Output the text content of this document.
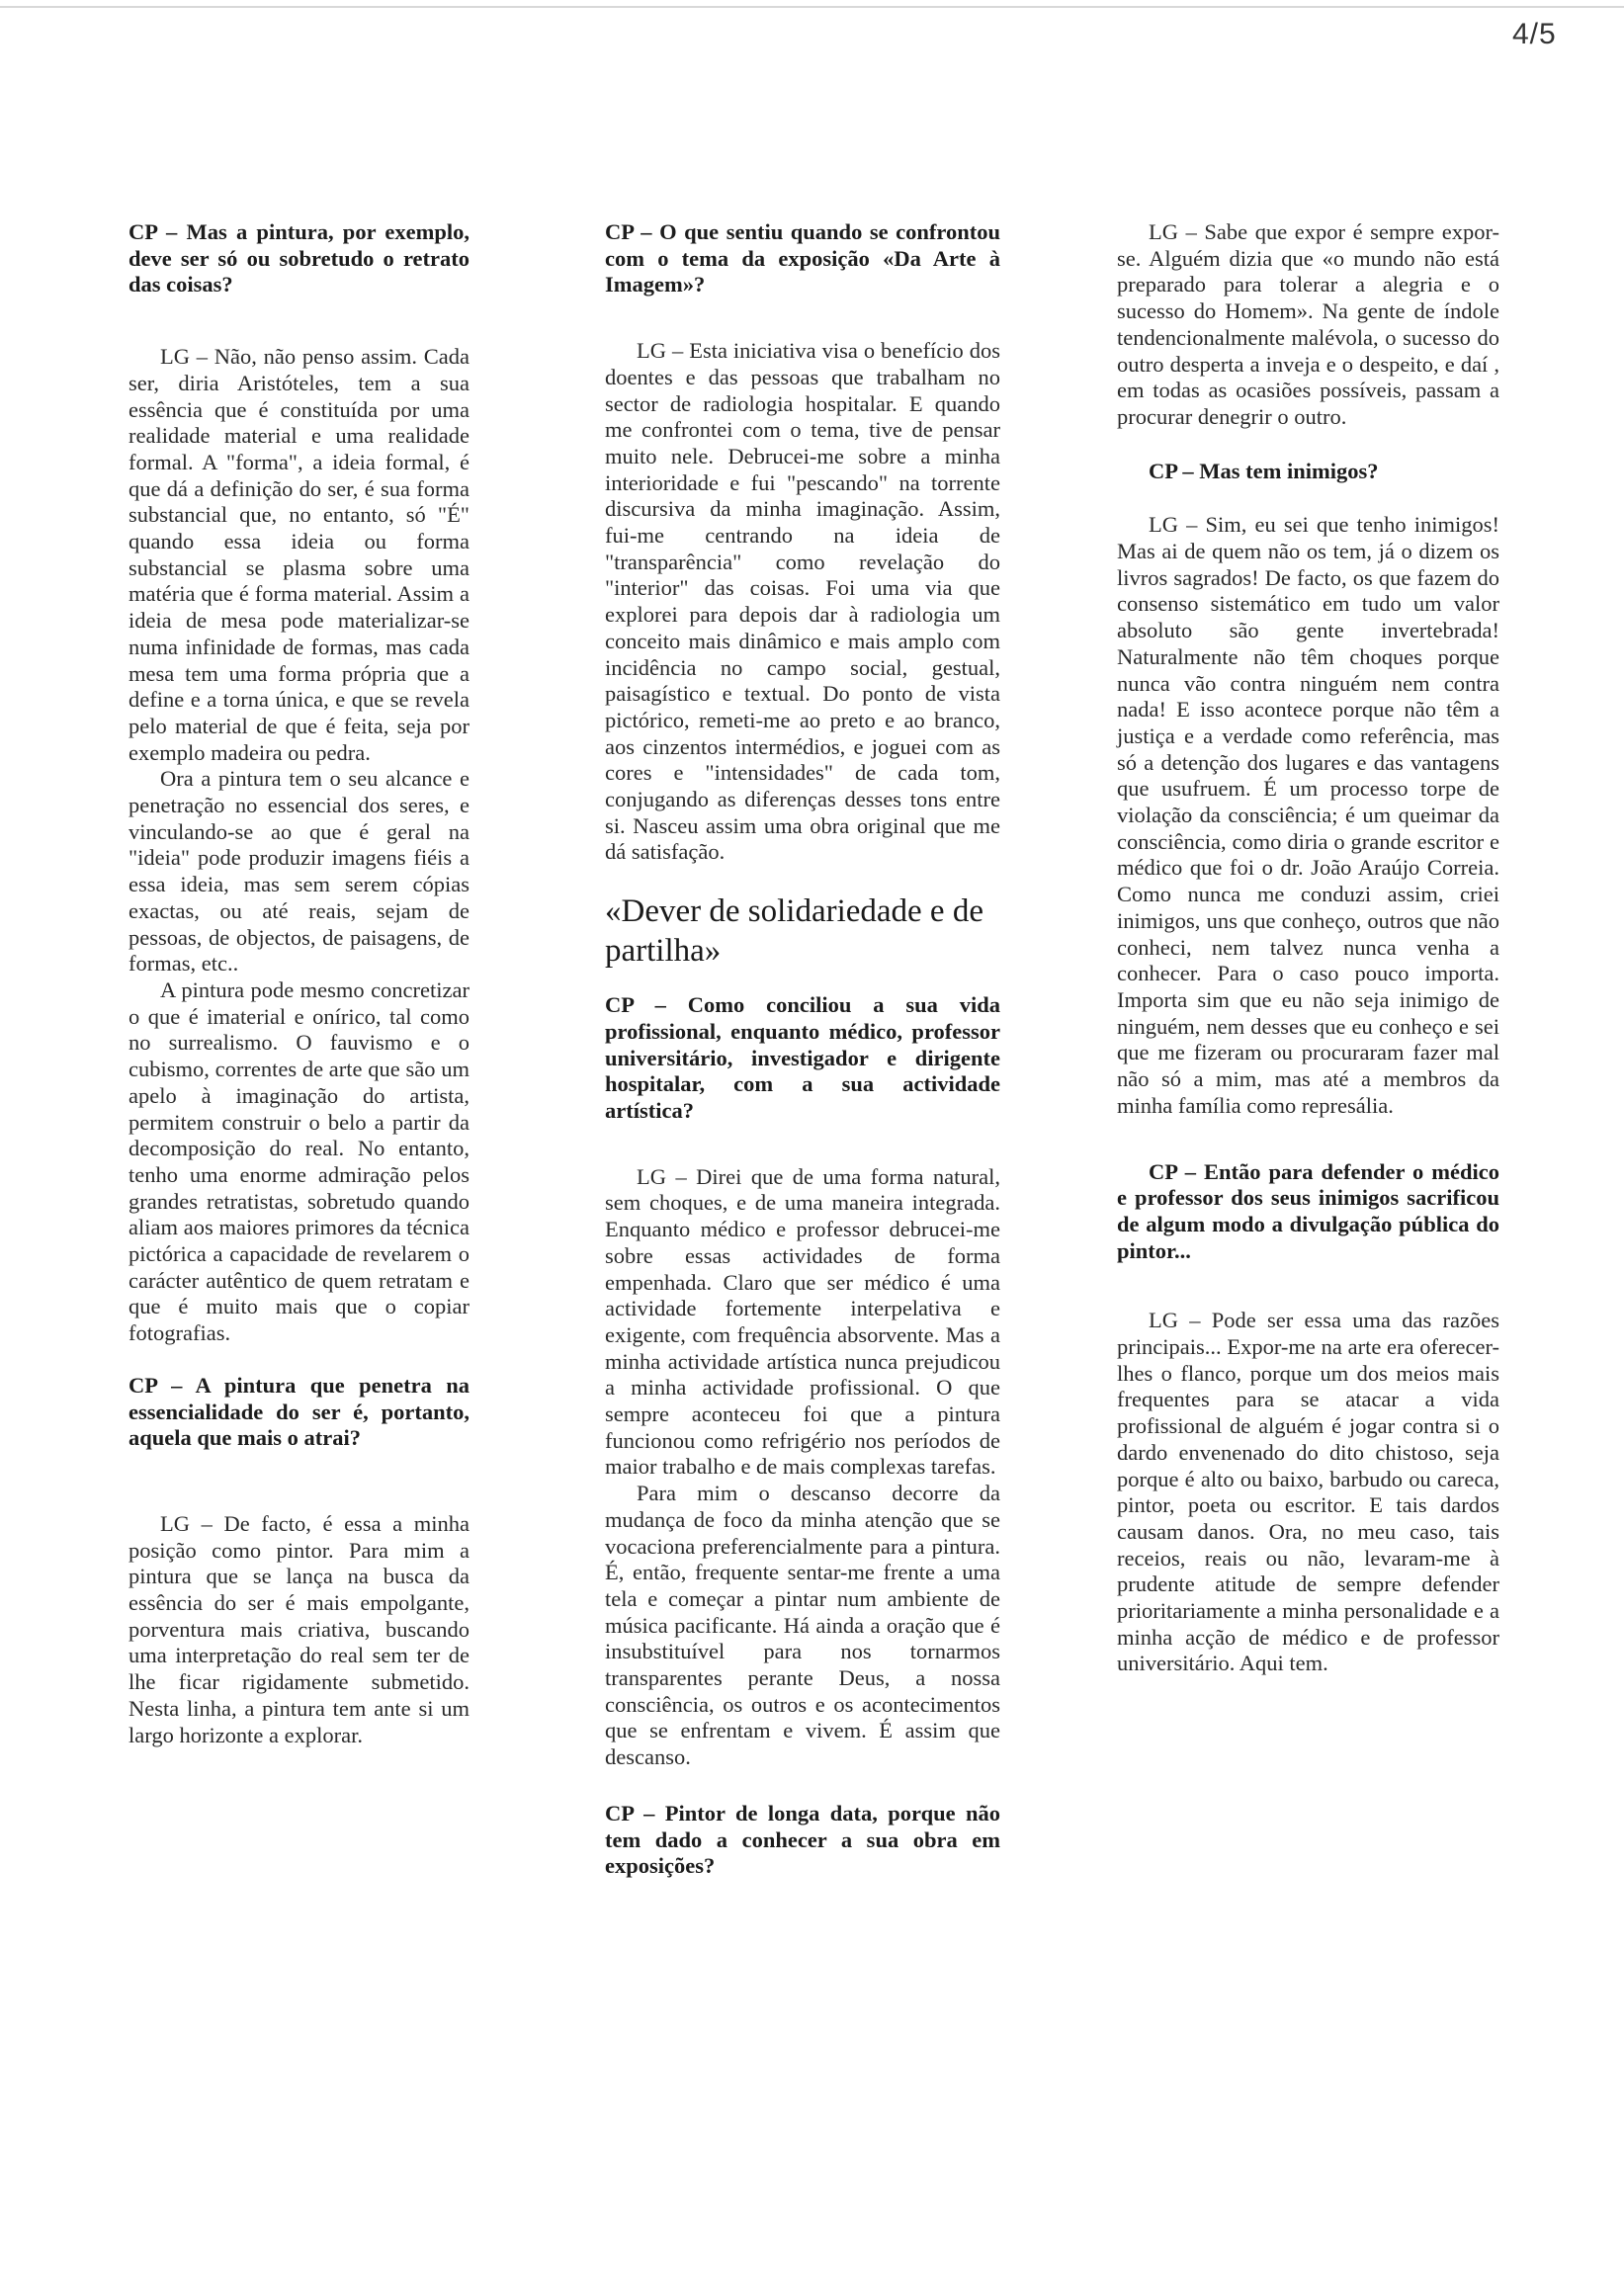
4/5

CP – Mas a pintura, por exemplo, deve ser só ou sobretudo o retrato das coisas?

LG – Não, não penso assim. Cada ser, diria Aristóteles, tem a sua essência que é constituída por uma realidade material e uma realidade formal. A "forma", a ideia formal, é que dá a definição do ser, é sua forma substancial que, no entanto, só "É" quando essa ideia ou forma substancial se plasma sobre uma matéria que é forma material. Assim a ideia de mesa pode materializar-se numa infinidade de formas, mas cada mesa tem uma forma própria que a define e a torna única, e que se revela pelo material de que é feita, seja por exemplo madeira ou pedra.

Ora a pintura tem o seu alcance e penetração no essencial dos seres, e vinculando-se ao que é geral na "ideia" pode produzir imagens fiéis a essa ideia, mas sem serem cópias exactas, ou até reais, sejam de pessoas, de objectos, de paisagens, de formas, etc..

A pintura pode mesmo concretizar o que é imaterial e onírico, tal como no surrealismo. O fauvismo e o cubismo, correntes de arte que são um apelo à imaginação do artista, permitem construir o belo a partir da decomposição do real. No entanto, tenho uma enorme admiração pelos grandes retratistas, sobretudo quando aliam aos maiores primores da técnica pictórica a capacidade de revelarem o carácter autêntico de quem retratam e que é muito mais que o copiar fotografias.

CP – A pintura que penetra na essencialidade do ser é, portanto, aquela que mais o atrai?

LG – De facto, é essa a minha posição como pintor. Para mim a pintura que se lança na busca da essência do ser é mais empolgante, porventura mais criativa, buscando uma interpretação do real sem ter de lhe ficar rigidamente submetido. Nesta linha, a pintura tem ante si um largo horizonte a explorar.

CP – O que sentiu quando se confrontou com o tema da exposição «Da Arte à Imagem»?

LG – Esta iniciativa visa o benefício dos doentes e das pessoas que trabalham no sector de radiologia hospitalar. E quando me confrontei com o tema, tive de pensar muito nele. Debrucei-me sobre a minha interioridade e fui "pescando" na torrente discursiva da minha imaginação. Assim, fui-me centrando na ideia de "transparência" como revelação do "interior" das coisas. Foi uma via que explorei para depois dar à radiologia um conceito mais dinâmico e mais amplo com incidência no campo social, gestual, paisagístico e textual. Do ponto de vista pictórico, remeti-me ao preto e ao branco, aos cinzentos intermédios, e joguei com as cores e "intensidades" de cada tom, conjugando as diferenças desses tons entre si. Nasceu assim uma obra original que me dá satisfação.

«Dever de solidariedade e de partilha»

CP – Como conciliou a sua vida profissional, enquanto médico, professor universitário, investigador e dirigente hospitalar, com a sua actividade artística?

LG – Direi que de uma forma natural, sem choques, e de uma maneira integrada. Enquanto médico e professor debrucei-me sobre essas actividades de forma empenhada. Claro que ser médico é uma actividade fortemente interpelativa e exigente, com frequência absorvente. Mas a minha actividade artística nunca prejudicou a minha actividade profissional. O que sempre aconteceu foi que a pintura funcionou como refrigério nos períodos de maior trabalho e de mais complexas tarefas.

Para mim o descanso decorre da mudança de foco da minha atenção que se vocaciona preferencialmente para a pintura. É, então, frequente sentar-me frente a uma tela e começar a pintar num ambiente de música pacificante. Há ainda a oração que é insubstituível para nos tornarmos transparentes perante Deus, a nossa consciência, os outros e os acontecimentos que se enfrentam e vivem. É assim que descanso.

CP – Pintor de longa data, porque não tem dado a conhecer a sua obra em exposições?

LG – Sabe que expor é sempre expor-se. Alguém dizia que «o mundo não está preparado para tolerar a alegria e o sucesso do Homem». Na gente de índole tendencionalmente malévola, o sucesso do outro desperta a inveja e o despeito, e daí , em todas as ocasiões possíveis, passam a procurar denegrir o outro.

CP – Mas tem inimigos?

LG – Sim, eu sei que tenho inimigos! Mas ai de quem não os tem, já o dizem os livros sagrados! De facto, os que fazem do consenso sistemático em tudo um valor absoluto são gente invertebrada! Naturalmente não têm choques porque nunca vão contra ninguém nem contra nada! E isso acontece porque não têm a justiça e a verdade como referência, mas só a detenção dos lugares e das vantagens que usufruem. É um processo torpe de violação da consciência; é um queimar da consciência, como diria o grande escritor e médico que foi o dr. João Araújo Correia. Como nunca me conduzi assim, criei inimigos, uns que conheço, outros que não conheci, nem talvez nunca venha a conhecer. Para o caso pouco importa. Importa sim que eu não seja inimigo de ninguém, nem desses que eu conheço e sei que me fizeram ou procuraram fazer mal não só a mim, mas até a membros da minha família como represália.

CP – Então para defender o médico e professor dos seus inimigos sacrificou de algum modo a divulgação pública do pintor...

LG – Pode ser essa uma das razões principais... Expor-me na arte era oferecer-lhes o flanco, porque um dos meios mais frequentes para se atacar a vida profissional de alguém é jogar contra si o dardo envenenado do dito chistoso, seja porque é alto ou baixo, barbudo ou careca, pintor, poeta ou escritor. E tais dardos causam danos. Ora, no meu caso, tais receios, reais ou não, levaram-me à prudente atitude de sempre defender prioritariamente a minha personalidade e a minha acção de médico e de professor universitário. Aqui tem.
